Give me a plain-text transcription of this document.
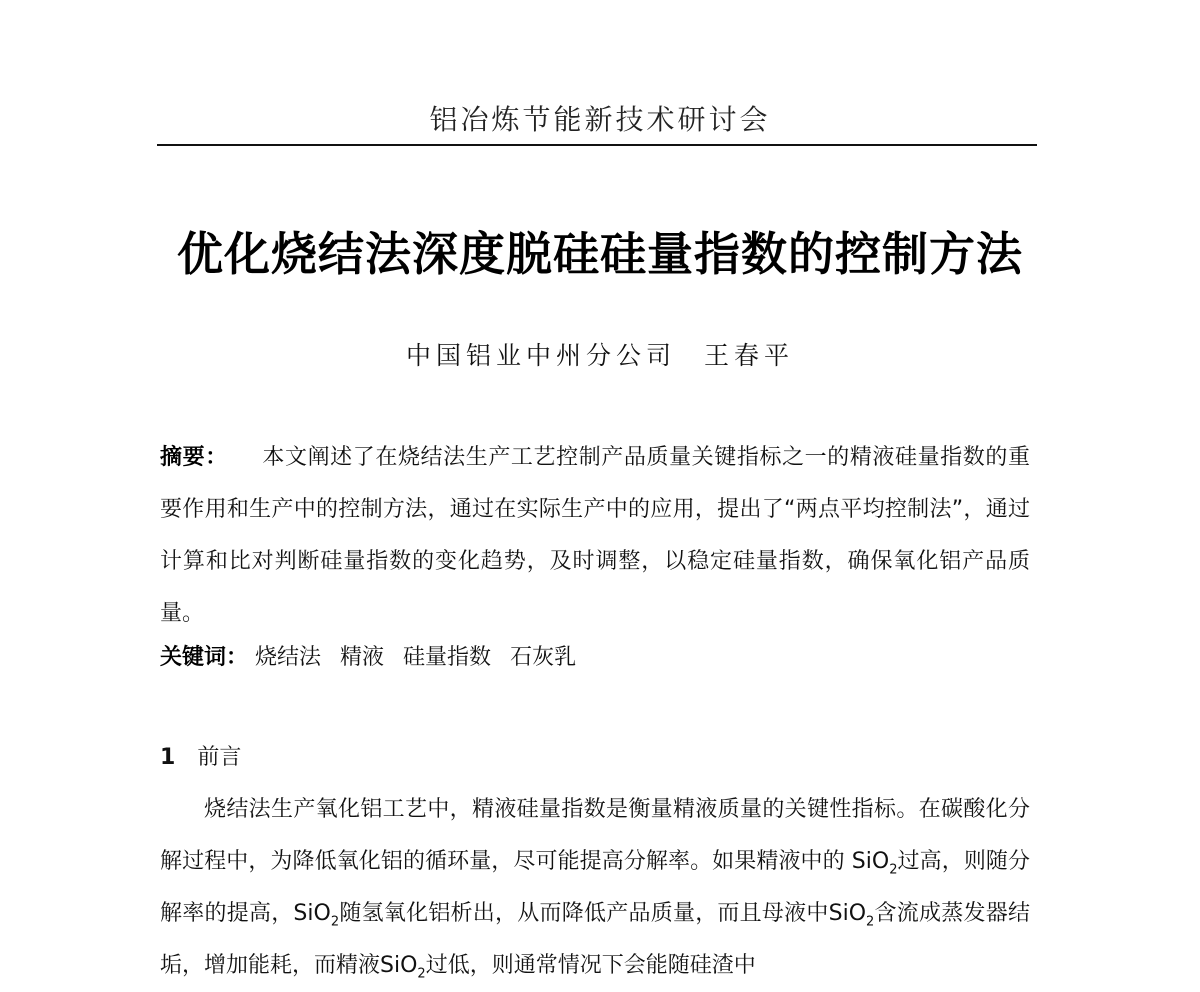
铝冶炼节能新技术研讨会
优化烧结法深度脱硅硅量指数的控制方法
中国铝业中州分公司 王春平
摘要： 本文阐述了在烧结法生产工艺控制产品质量关键指标之一的精液硅量指数的重要作用和生产中的控制方法，通过在实际生产中的应用，提出了“两点平均控制法”，通过计算和比对判断硅量指数的变化趋势，及时调整，以稳定硅量指数，确保氧化铝产品质量。
关键词： 烧结法 精液 硅量指数 石灰乳
1 前言
烧结法生产氧化铝工艺中，精液硅量指数是衡量精液质量的关键性指标。在碳酸化分解过程中，为降低氧化铝的循环量，尽可能提高分解率。如果精液中的 SiO$_2$过高，则随分解率的提高，SiO$_2$随氢氧化铝析出，从而降低产品质量，而且母液中SiO$_2$含流成蒸发器结垢，增加能耗，而精液SiO$_2$过低，则通常情况下会能随硅渣中
